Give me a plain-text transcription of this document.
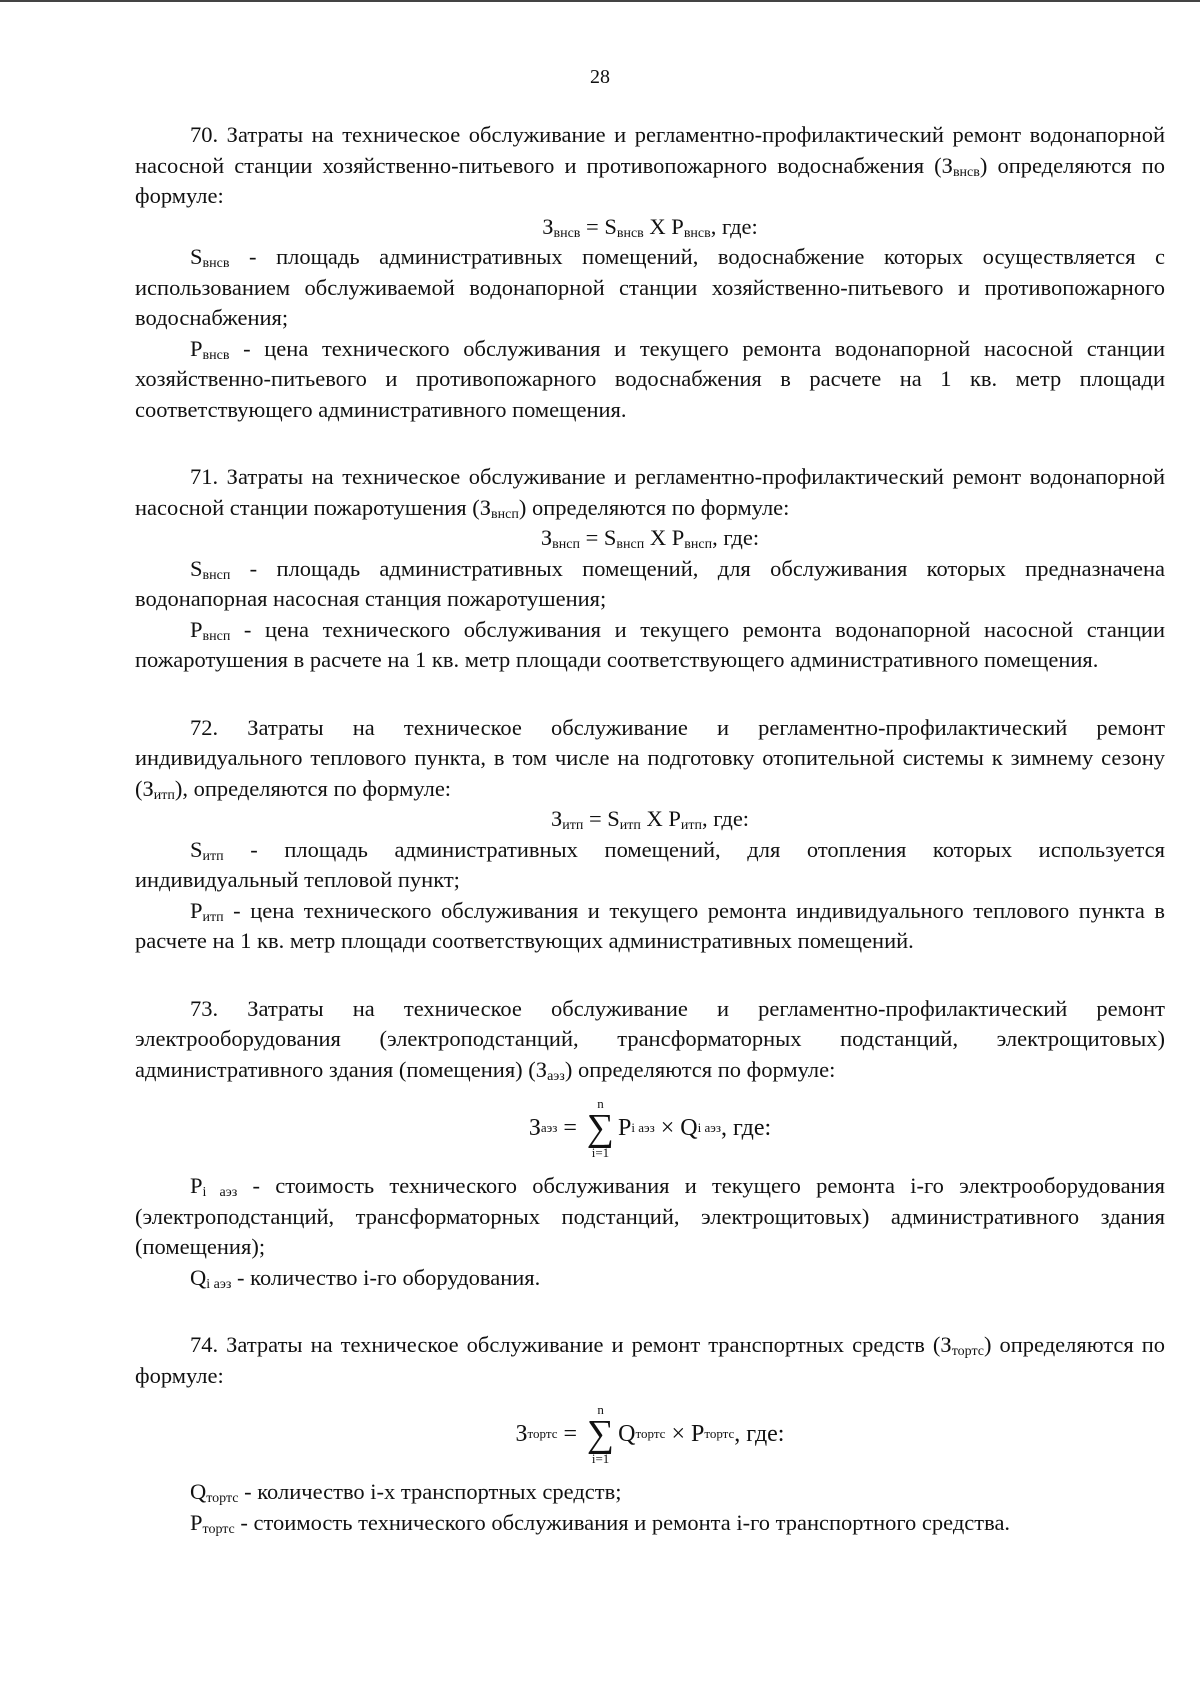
28

70. Затраты на техническое обслуживание и регламентно-профилактический ремонт водонапорной насосной станции хозяйственно-питьевого и противопожарного водоснабжения $(З_{внсв})$ определяются по формуле:

$З_{внсв} = S_{внсв}$ X $P_{внсв}$, где:

$S_{внсв}$ - площадь административных помещений, водоснабжение которых осуществляется с использованием обслуживаемой водонапорной станции хозяйственно-питьевого и противопожарного водоснабжения;

$P_{внсв}$ - цена технического обслуживания и текущего ремонта водонапорной насосной станции хозяйственно-питьевого и противопожарного водоснабжения в расчете на 1 кв. метр площади соответствующего административного помещения.

71. Затраты на техническое обслуживание и регламентно-профилактический ремонт водонапорной насосной станции пожаротушения $(З_{внсп})$ определяются по формуле:

$З_{внсп} = S_{внсп}$ X $P_{внсп}$, где:

$S_{внсп}$ - площадь административных помещений, для обслуживания которых предназначена водонапорная насосная станция пожаротушения;

$P_{внсп}$ - цена технического обслуживания и текущего ремонта водонапорной насосной станции пожаротушения в расчете на 1 кв. метр площади соответствующего административного помещения.

72. Затраты на техническое обслуживание и регламентно-профилактический ремонт индивидуального теплового пункта, в том числе на подготовку отопительной системы к зимнему сезону $(З_{итп})$, определяются по формуле:

$З_{итп} = S_{итп}$ X $P_{итп}$, где:

$S_{итп}$ - площадь административных помещений, для отопления которых используется индивидуальный тепловой пункт;

$P_{итп}$ - цена технического обслуживания и текущего ремонта индивидуального теплового пункта в расчете на 1 кв. метр площади соответствующих административных помещений.

73. Затраты на техническое обслуживание и регламентно-профилактический ремонт электрооборудования (электроподстанций, трансформаторных подстанций, электрощитовых) административного здания (помещения) $(З_{аэз})$ определяются по формуле:

З аэз =
n
∑
i=1
P i аэз × Q i аэз , где:

$P_{i аэз}$ - стоимость технического обслуживания и текущего ремонта i-го электрооборудования (электроподстанций, трансформаторных подстанций, электрощитовых) административного здания (помещения);

$Q_{i аэз}$ - количество i-го оборудования.

74. Затраты на техническое обслуживание и ремонт транспортных средств $(З_{тортс})$ определяются по формуле:

З тортс =
n
∑
i=1
Q тортс × P тортс , где:

$Q_{тортс}$ - количество i-х транспортных средств;

$P_{тортс}$ - стоимость технического обслуживания и ремонта i-го транспортного средства.
